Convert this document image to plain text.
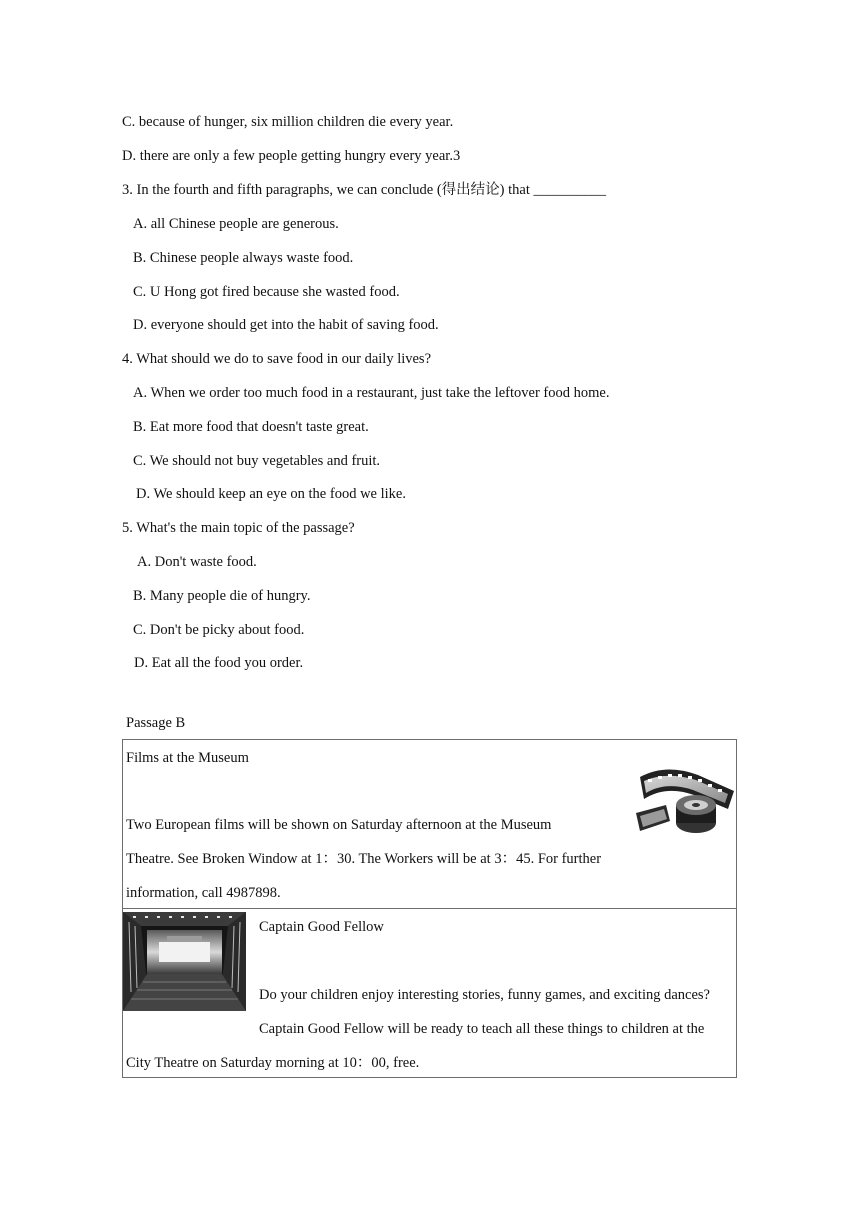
C. because of hunger, six million children die every year.
D. there are only a few people getting hungry every year.3
3. In the fourth and fifth paragraphs, we can conclude (得出结论) that __________
A. all Chinese people are generous.
B. Chinese people always waste food.
C. U Hong got fired because she wasted food.
D. everyone should get into the habit of saving food.
4. What should we do to save food in our daily lives?
A. When we order too much food in a restaurant, just take the leftover food home.
B. Eat more food that doesn't taste great.
C. We should not buy vegetables and fruit.
D. We should keep an eye on the food we like.
5. What's the main topic of the passage?
A. Don't waste food.
B. Many people die of hungry.
C. Don't be picky about food.
D. Eat all the food you order.
Passage B
Films at the Museum
Two European films will be shown on Saturday afternoon at the Museum
Theatre. See Broken Window at 1：30. The Workers will be at 3：45. For further
information, call 4987898.
Captain Good Fellow
Do your children enjoy interesting stories, funny games, and exciting dances?
Captain Good Fellow will be ready to teach all these things to children at the
City Theatre on Saturday morning at 10：00, free.
